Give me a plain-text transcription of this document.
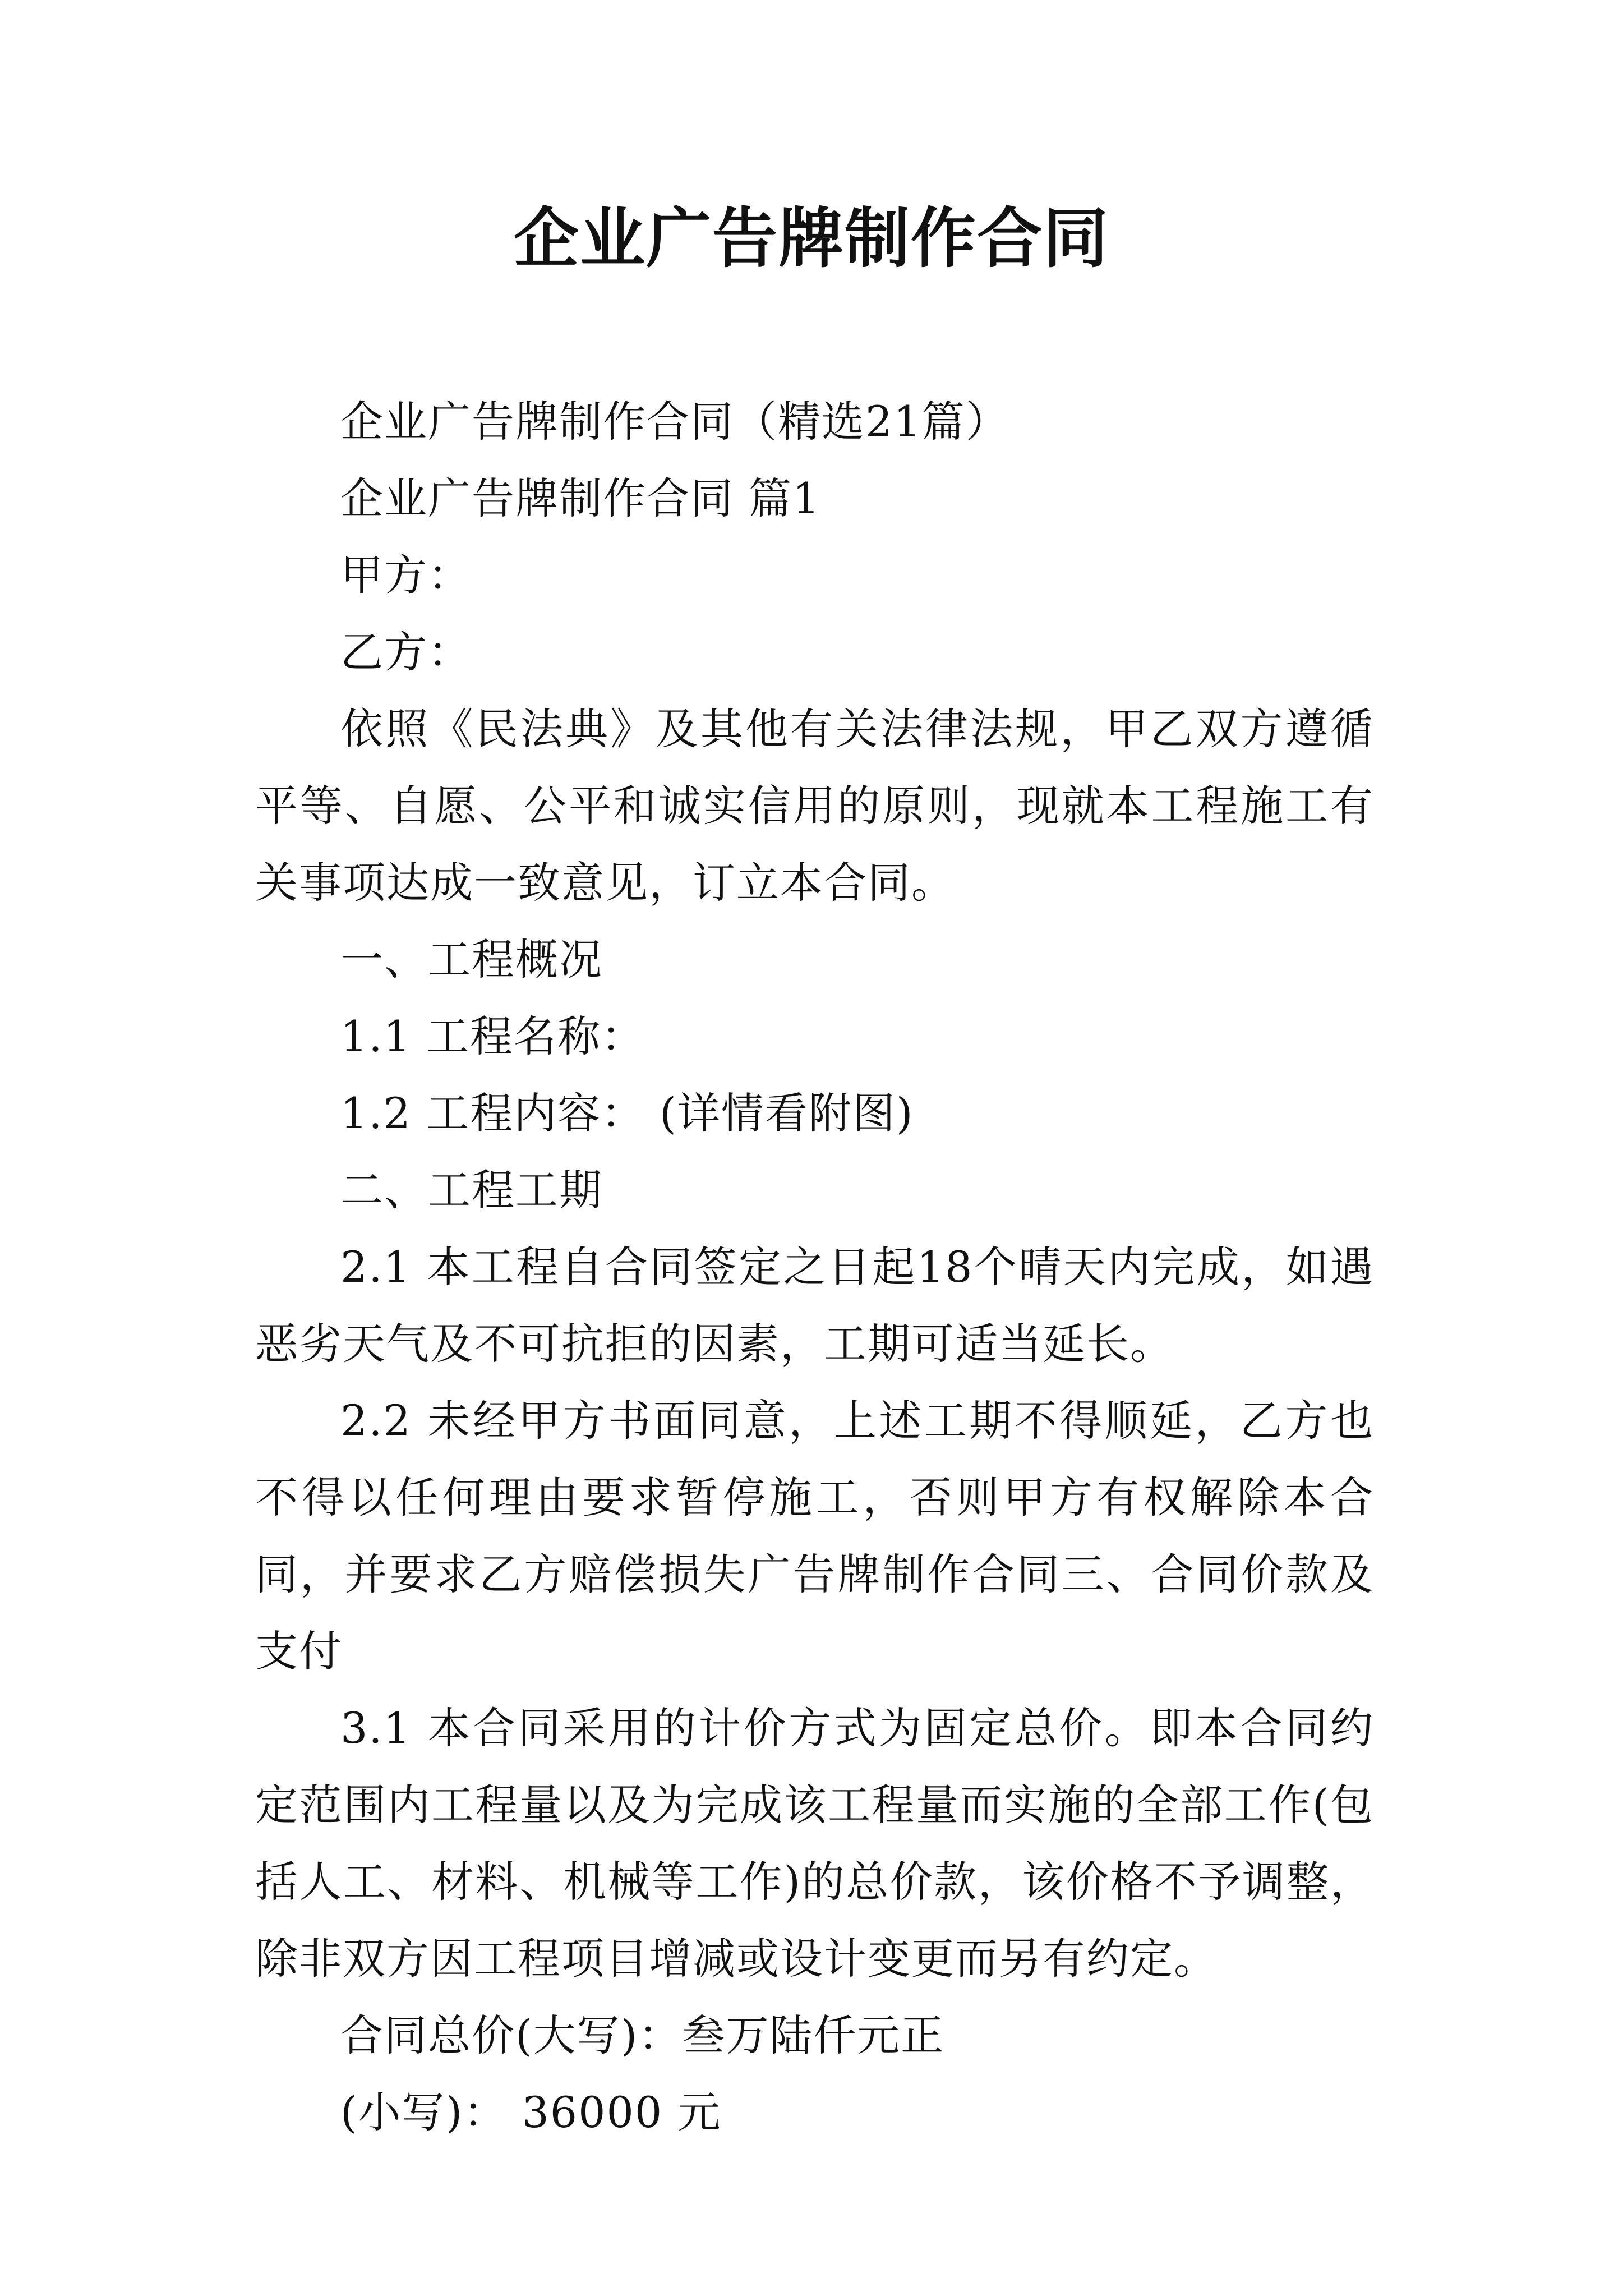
企业广告牌制作合同

企业广告牌制作合同（精选21篇）

企业广告牌制作合同 篇1

甲方：

乙方：

依照《民法典》及其他有关法律法规，甲乙双方遵循平等、自愿、公平和诚实信用的原则，现就本工程施工有关事项达成一致意见，订立本合同。

一、工程概况

1.1 工程名称：

1.2 工程内容： (详情看附图)

二、工程工期

2.1 本工程自合同签定之日起18个晴天内完成，如遇恶劣天气及不可抗拒的因素，工期可适当延长。

2.2 未经甲方书面同意，上述工期不得顺延，乙方也不得以任何理由要求暂停施工，否则甲方有权解除本合同，并要求乙方赔偿损失广告牌制作合同三、合同价款及支付

3.1 本合同采用的计价方式为固定总价。即本合同约定范围内工程量以及为完成该工程量而实施的全部工作(包括人工、材料、机械等工作)的总价款，该价格不予调整，除非双方因工程项目增减或设计变更而另有约定。

合同总价(大写)：叁万陆仟元正

(小写)： 36000 元
